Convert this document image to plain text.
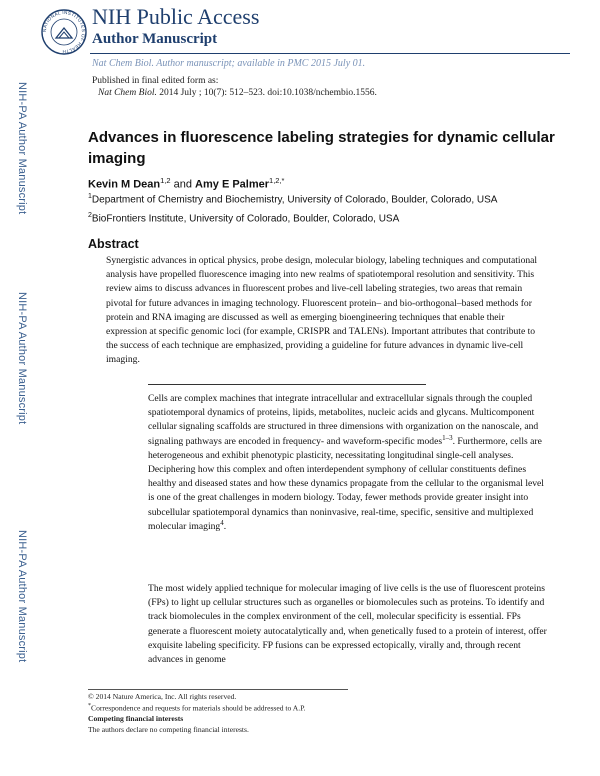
NIH-PA Author Manuscript
NIH-PA Author Manuscript
NIH-PA Author Manuscript
NATIONAL INSTITUTES OF HEALTH
NIH Public Access
Author Manuscript
Nat Chem Biol. Author manuscript; available in PMC 2015 July 01.
Published in final edited form as:
Nat Chem Biol. 2014 July ; 10(7): 512–523. doi:10.1038/nchembio.1556.
Advances in fluorescence labeling strategies for dynamic cellular imaging
Kevin M Dean$^{1,2}$ and Amy E Palmer$^{1,2,*}$
$^1$Department of Chemistry and Biochemistry, University of Colorado, Boulder, Colorado, USA
$^2$BioFrontiers Institute, University of Colorado, Boulder, Colorado, USA
Abstract
Synergistic advances in optical physics, probe design, molecular biology, labeling techniques and computational analysis have propelled fluorescence imaging into new realms of spatiotemporal resolution and sensitivity. This review aims to discuss advances in fluorescent probes and live-cell labeling strategies, two areas that remain pivotal for future advances in imaging technology. Fluorescent protein– and bio-orthogonal–based methods for protein and RNA imaging are discussed as well as emerging bioengineering techniques that enable their expression at specific genomic loci (for example, CRISPR and TALENs). Important attributes that contribute to the success of each technique are emphasized, providing a guideline for future advances in dynamic live-cell imaging.
Cells are complex machines that integrate intracellular and extracellular signals through the coupled spatiotemporal dynamics of proteins, lipids, metabolites, nucleic acids and glycans. Multicomponent cellular signaling scaffolds are structured in three dimensions with organization on the nanoscale, and signaling pathways are encoded in frequency- and waveform-specific modes$^{1-3}$. Furthermore, cells are heterogeneous and exhibit phenotypic plasticity, necessitating longitudinal single-cell analyses. Deciphering how this complex and often interdependent symphony of cellular constituents defines healthy and diseased states and how these dynamics propagate from the cellular to the organismal level is one of the great challenges in modern biology. Today, fewer methods provide greater insight into subcellular spatiotemporal dynamics than noninvasive, real-time, specific, sensitive and multiplexed molecular imaging$^4$.
The most widely applied technique for molecular imaging of live cells is the use of fluorescent proteins (FPs) to light up cellular structures such as organelles or biomolecules such as proteins. To identify and track biomolecules in the complex environment of the cell, molecular specificity is essential. FPs generate a fluorescent moiety autocatalytically and, when genetically fused to a protein of interest, offer exquisite labeling specificity. FP fusions can be expressed ectopically, virally and, through recent advances in genome
© 2014 Nature America, Inc. All rights reserved.
*Correspondence and requests for materials should be addressed to A.P.
Competing financial interests
The authors declare no competing financial interests.
